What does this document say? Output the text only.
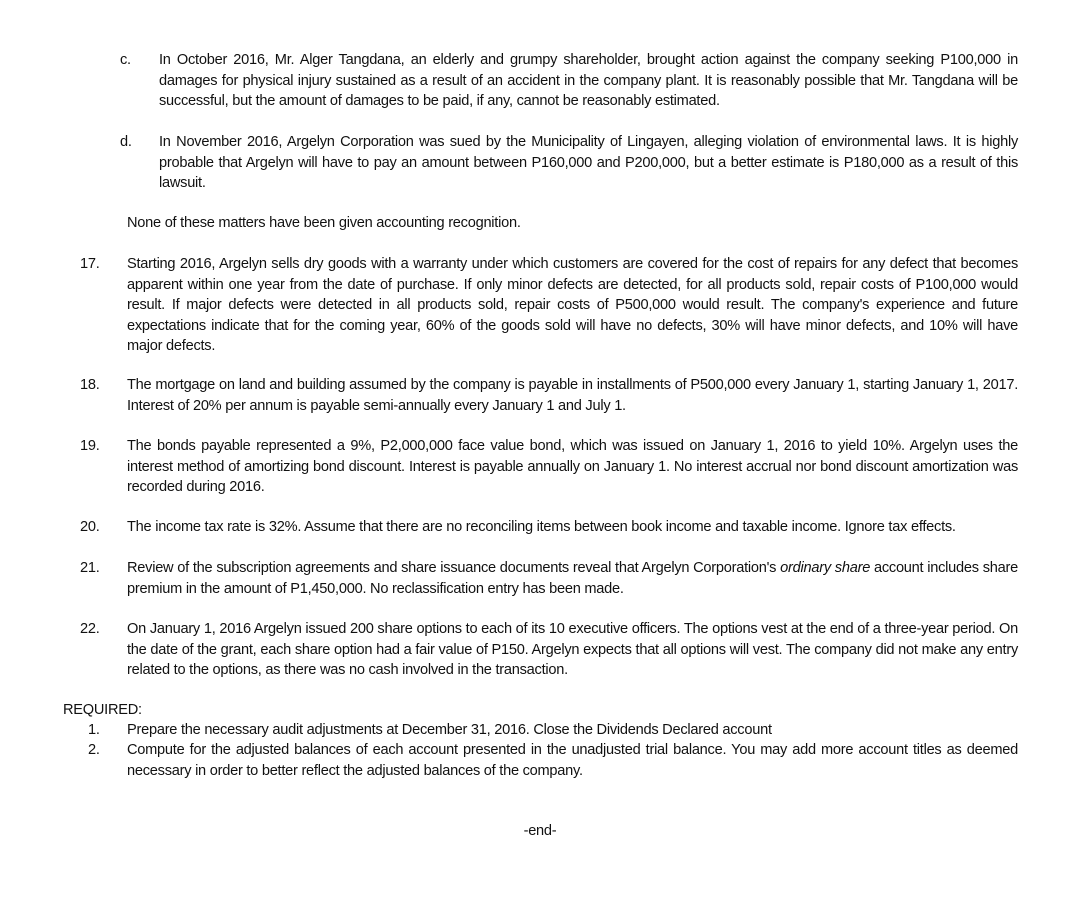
c.	In October 2016, Mr. Alger Tangdana, an elderly and grumpy shareholder, brought action against the company seeking P100,000 in damages for physical injury sustained as a result of an accident in the company plant. It is reasonably possible that Mr. Tangdana will be successful, but the amount of damages to be paid, if any, cannot be reasonably estimated.
d.	In November 2016, Argelyn Corporation was sued by the Municipality of Lingayen, alleging violation of environmental laws. It is highly probable that Argelyn will have to pay an amount between P160,000 and P200,000, but a better estimate is P180,000 as a result of this lawsuit.
None of these matters have been given accounting recognition.
17.	Starting 2016, Argelyn sells dry goods with a warranty under which customers are covered for the cost of repairs for any defect that becomes apparent within one year from the date of purchase. If only minor defects are detected, for all products sold, repair costs of P100,000 would result. If major defects were detected in all products sold, repair costs of P500,000 would result. The company's experience and future expectations indicate that for the coming year, 60% of the goods sold will have no defects, 30% will have minor defects, and 10% will have major defects.
18.	The mortgage on land and building assumed by the company is payable in installments of P500,000 every January 1, starting January 1, 2017. Interest of 20% per annum is payable semi-annually every January 1 and July 1.
19.	The bonds payable represented a 9%, P2,000,000 face value bond, which was issued on January 1, 2016 to yield 10%. Argelyn uses the interest method of amortizing bond discount. Interest is payable annually on January 1. No interest accrual nor bond discount amortization was recorded during 2016.
20.	The income tax rate is 32%. Assume that there are no reconciling items between book income and taxable income. Ignore tax effects.
21.	Review of the subscription agreements and share issuance documents reveal that Argelyn Corporation's ordinary share account includes share premium in the amount of P1,450,000. No reclassification entry has been made.
22.	On January 1, 2016 Argelyn issued 200 share options to each of its 10 executive officers. The options vest at the end of a three-year period. On the date of the grant, each share option had a fair value of P150. Argelyn expects that all options will vest. The company did not make any entry related to the options, as there was no cash involved in the transaction.
REQUIRED:
1.	Prepare the necessary audit adjustments at December 31, 2016. Close the Dividends Declared account
2.	Compute for the adjusted balances of each account presented in the unadjusted trial balance. You may add more account titles as deemed necessary in order to better reflect the adjusted balances of the company.
-end-
